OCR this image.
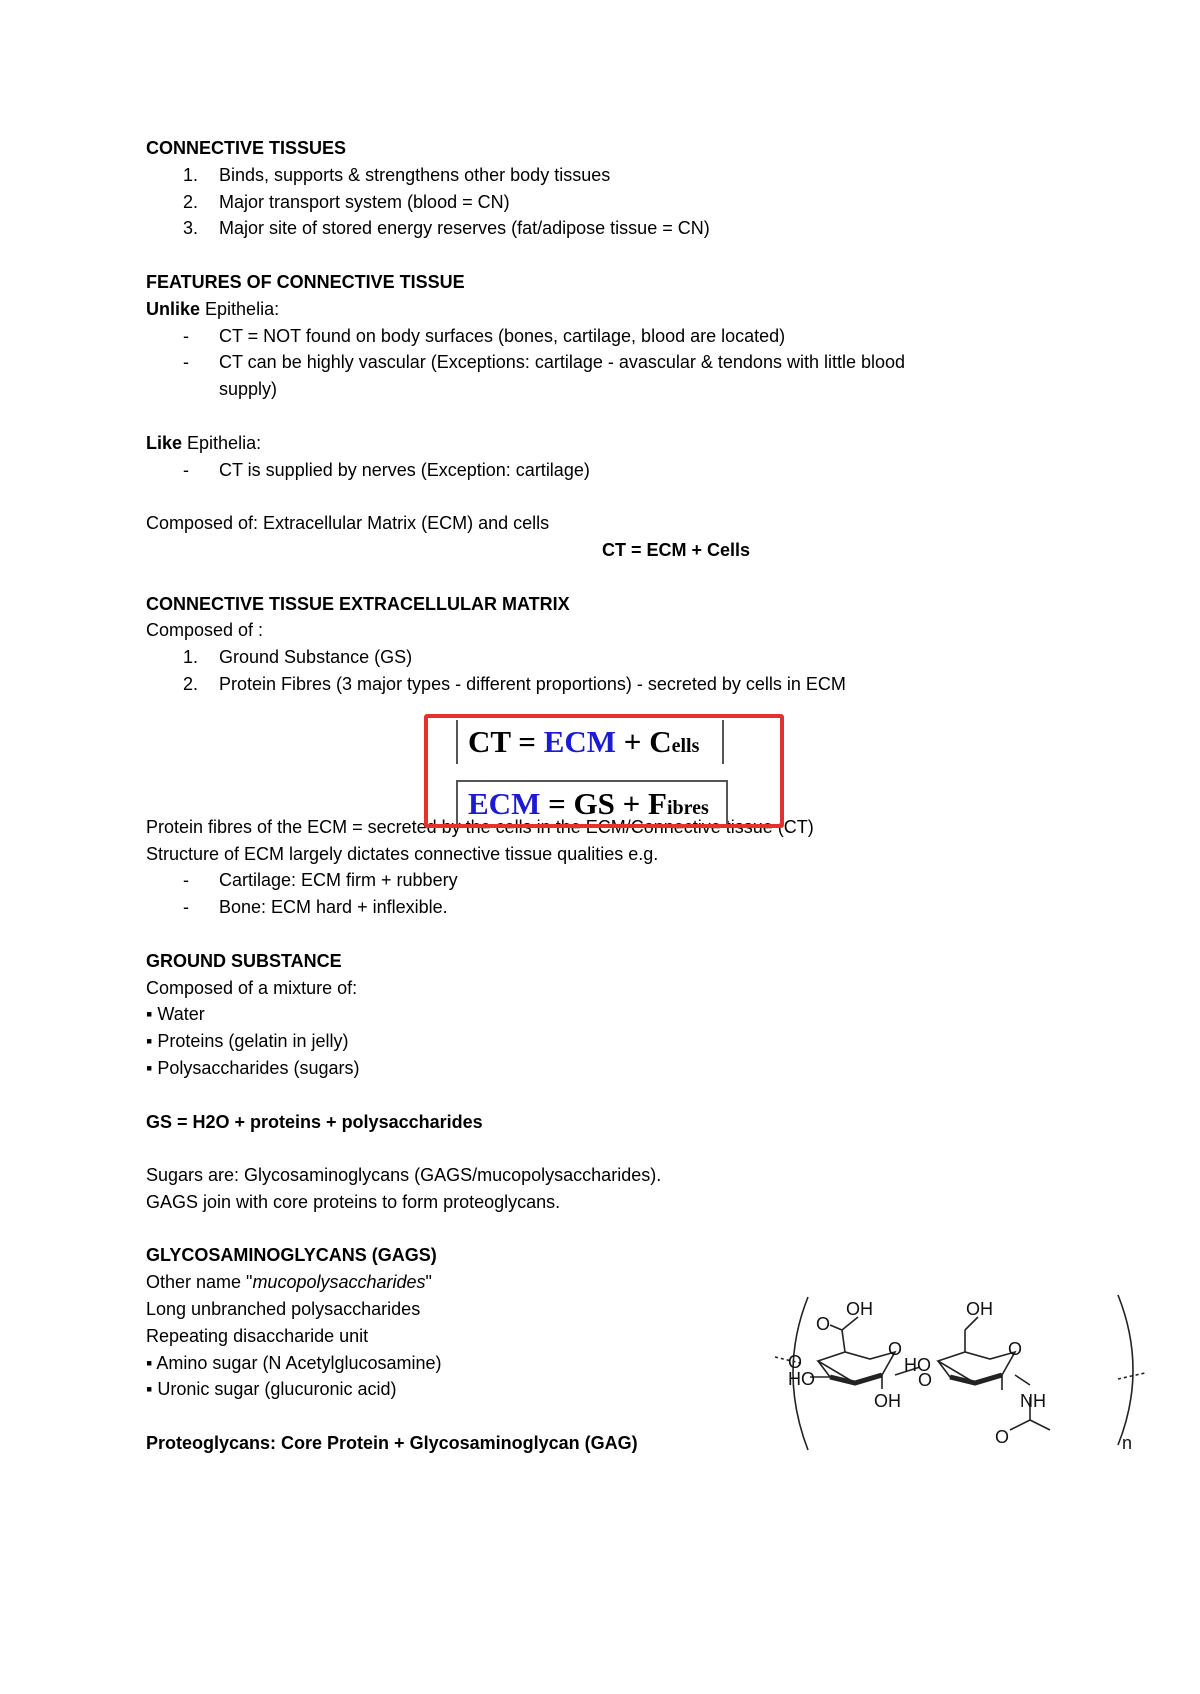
CONNECTIVE TISSUES
1. Binds, supports & strengthens other body tissues
2. Major transport system (blood = CN)
3. Major site of stored energy reserves (fat/adipose tissue = CN)
FEATURES OF CONNECTIVE TISSUE
Unlike Epithelia:
- CT = NOT found on body surfaces (bones, cartilage, blood are located)
- CT can be highly vascular (Exceptions: cartilage - avascular & tendons with little blood
supply)
Like Epithelia:
- CT is supplied by nerves (Exception: cartilage)
Composed of: Extracellular Matrix (ECM) and cells
CT = ECM + Cells
CONNECTIVE TISSUE EXTRACELLULAR MATRIX
Composed of :
1. Ground Substance (GS)
2. Protein Fibres (3 major types - different proportions) - secreted by cells in ECM
Protein fibres of the ECM = secreted by the cells in the ECM/Connective tissue (CT)
Structure of ECM largely dictates connective tissue qualities e.g.
- Cartilage: ECM firm + rubbery
- Bone: ECM hard + inflexible.
GROUND SUBSTANCE
Composed of a mixture of:
▪ Water
▪ Proteins (gelatin in jelly)
▪ Polysaccharides (sugars)
GS = H2O + proteins + polysaccharides
Sugars are: Glycosaminoglycans (GAGS/mucopolysaccharides).
GAGS join with core proteins to form proteoglycans.
GLYCOSAMINOGLYCANS (GAGS)
Other name "mucopolysaccharides"
Long unbranched polysaccharides
Repeating disaccharide unit
▪ Amino sugar (N Acetylglucosamine)
▪ Uronic sugar (glucuronic acid)
Proteoglycans: Core Protein + Glycosaminoglycan (GAG)
CT = ECM + Cells
ECM = GS + Fibres
OH
O
O
HO
O
OH
HO
O
OH
O
NH
O	n
